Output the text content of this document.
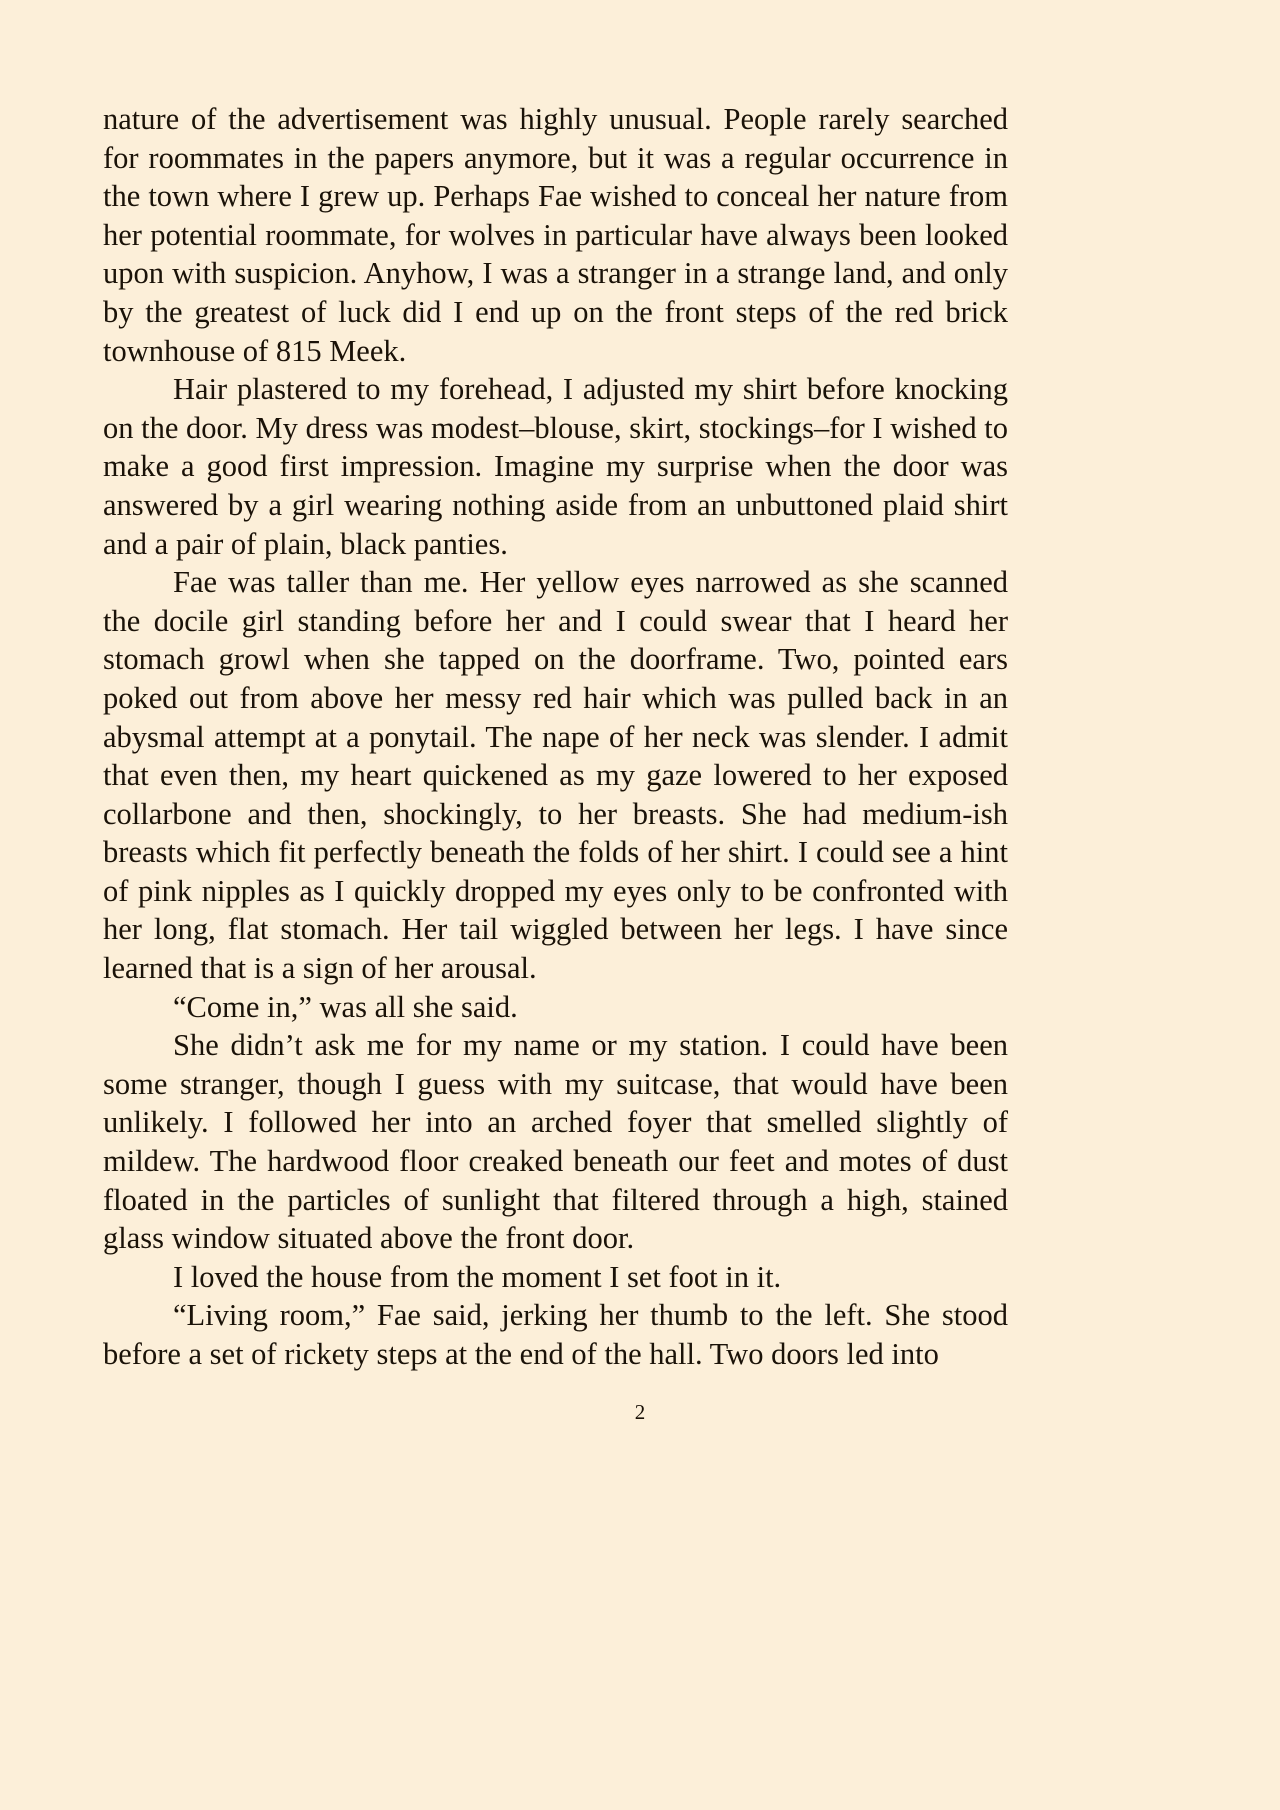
nature of the advertisement was highly unusual. People rarely searched for roommates in the papers anymore, but it was a regular occurrence in the town where I grew up. Perhaps Fae wished to conceal her nature from her potential roommate, for wolves in particular have always been looked upon with suspicion. Anyhow, I was a stranger in a strange land, and only by the greatest of luck did I end up on the front steps of the red brick townhouse of 815 Meek.

Hair plastered to my forehead, I adjusted my shirt before knocking on the door. My dress was modest–blouse, skirt, stockings–for I wished to make a good first impression. Imagine my surprise when the door was answered by a girl wearing nothing aside from an unbuttoned plaid shirt and a pair of plain, black panties.

Fae was taller than me. Her yellow eyes narrowed as she scanned the docile girl standing before her and I could swear that I heard her stomach growl when she tapped on the doorframe. Two, pointed ears poked out from above her messy red hair which was pulled back in an abysmal attempt at a ponytail. The nape of her neck was slender. I admit that even then, my heart quickened as my gaze lowered to her exposed collarbone and then, shockingly, to her breasts. She had medium-ish breasts which fit perfectly beneath the folds of her shirt. I could see a hint of pink nipples as I quickly dropped my eyes only to be confronted with her long, flat stomach. Her tail wiggled between her legs. I have since learned that is a sign of her arousal.

“Come in,” was all she said.

She didn’t ask me for my name or my station. I could have been some stranger, though I guess with my suitcase, that would have been unlikely. I followed her into an arched foyer that smelled slightly of mildew. The hardwood floor creaked beneath our feet and motes of dust floated in the particles of sunlight that filtered through a high, stained glass window situated above the front door.

I loved the house from the moment I set foot in it.

“Living room,” Fae said, jerking her thumb to the left. She stood before a set of rickety steps at the end of the hall. Two doors led into

2
